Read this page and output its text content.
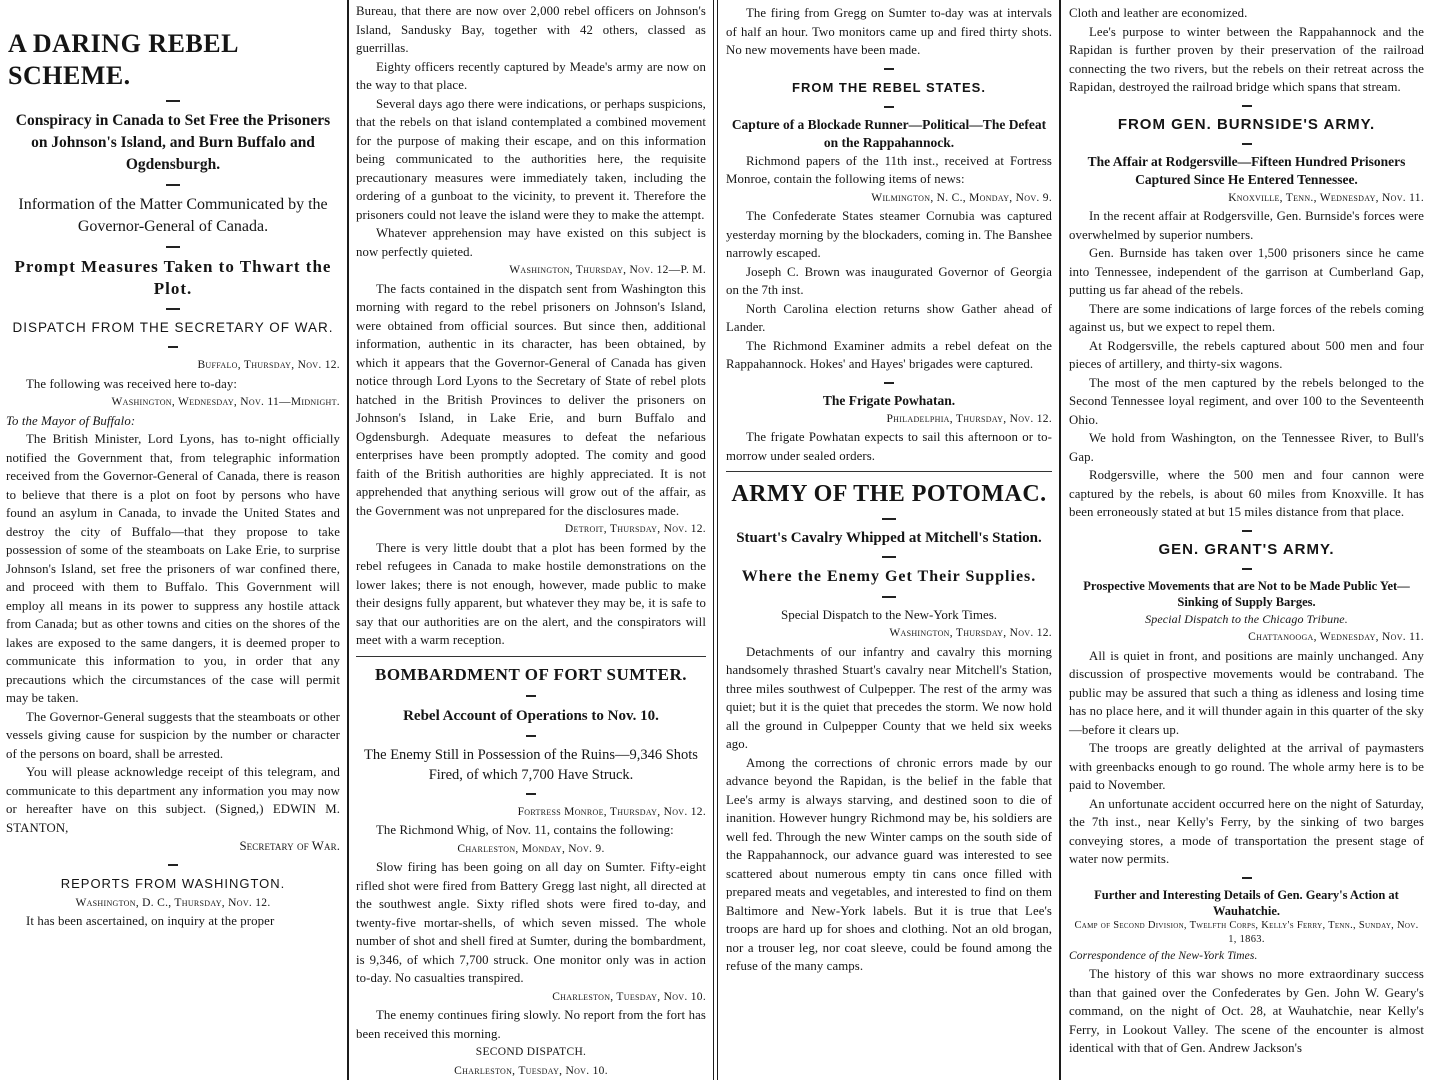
A DARING REBEL SCHEME.

Conspiracy in Canada to Set Free the Prisoners on Johnson's Island, and Burn Buffalo and Ogdensburgh.

Information of the Matter Communicated by the Governor-General of Canada.

Prompt Measures Taken to Thwart the Plot.

DISPATCH FROM THE SECRETARY OF WAR.

Buffalo, Thursday, Nov. 12.

The following was received here to-day:

Washington, Wednesday, Nov. 11—Midnight.

To the Mayor of Buffalo:

The British Minister, Lord Lyons, has to-night officially notified the Government that, from telegraphic information received from the Governor-General of Canada, there is reason to believe that there is a plot on foot by persons who have found an asylum in Canada, to invade the United States and destroy the city of Buffalo—that they propose to take possession of some of the steamboats on Lake Erie, to surprise Johnson's Island, set free the prisoners of war confined there, and proceed with them to Buffalo. This Government will employ all means in its power to suppress any hostile attack from Canada; but as other towns and cities on the shores of the lakes are exposed to the same dangers, it is deemed proper to communicate this information to you, in order that any precautions which the circumstances of the case will permit may be taken.

The Governor-General suggests that the steamboats or other vessels giving cause for suspicion by the number or character of the persons on board, shall be arrested.

You will please acknowledge receipt of this telegram, and communicate to this department any information you may now or hereafter have on this subject. (Signed,) EDWIN M. STANTON,

Secretary of War.

REPORTS FROM WASHINGTON.

Washington, D. C., Thursday, Nov. 12.

It has been ascertained, on inquiry at the proper

Bureau, that there are now over 2,000 rebel officers on Johnson's Island, Sandusky Bay, together with 42 others, classed as guerrillas.

Eighty officers recently captured by Meade's army are now on the way to that place.

Several days ago there were indications, or perhaps suspicions, that the rebels on that island contemplated a combined movement for the purpose of making their escape, and on this information being communicated to the authorities here, the requisite precautionary measures were immediately taken, including the ordering of a gunboat to the vicinity, to prevent it. Therefore the prisoners could not leave the island were they to make the attempt.

Whatever apprehension may have existed on this subject is now perfectly quieted.

Washington, Thursday, Nov. 12—P. M.

The facts contained in the dispatch sent from Washington this morning with regard to the rebel prisoners on Johnson's Island, were obtained from official sources. But since then, additional information, authentic in its character, has been obtained, by which it appears that the Governor-General of Canada has given notice through Lord Lyons to the Secretary of State of rebel plots hatched in the British Provinces to deliver the prisoners on Johnson's Island, in Lake Erie, and burn Buffalo and Ogdensburgh. Adequate measures to defeat the nefarious enterprises have been promptly adopted. The comity and good faith of the British authorities are highly appreciated. It is not apprehended that anything serious will grow out of the affair, as the Government was not unprepared for the disclosures made.

Detroit, Thursday, Nov. 12.

There is very little doubt that a plot has been formed by the rebel refugees in Canada to make hostile demonstrations on the lower lakes; there is not enough, however, made public to make their designs fully apparent, but whatever they may be, it is safe to say that our authorities are on the alert, and the conspirators will meet with a warm reception.

BOMBARDMENT OF FORT SUMTER.

Rebel Account of Operations to Nov. 10.

The Enemy Still in Possession of the Ruins—9,346 Shots Fired, of which 7,700 Have Struck.

Fortress Monroe, Thursday, Nov. 12.

The Richmond Whig, of Nov. 11, contains the following:

Charleston, Monday, Nov. 9.

Slow firing has been going on all day on Sumter. Fifty-eight rifled shot were fired from Battery Gregg last night, all directed at the southwest angle. Sixty rifled shots were fired to-day, and twenty-five mortar-shells, of which seven missed. The whole number of shot and shell fired at Sumter, during the bombardment, is 9,346, of which 7,700 struck. One monitor only was in action to-day. No casualties transpired.

Charleston, Tuesday, Nov. 10.

The enemy continues firing slowly. No report from the fort has been received this morning.

SECOND DISPATCH.

Charleston, Tuesday, Nov. 10.

The firing from Gregg on Sumter to-day was at intervals of half an hour. Two monitors came up and fired thirty shots. No new movements have been made.

FROM THE REBEL STATES.

Capture of a Blockade Runner—Political—The Defeat on the Rappahannock.

Richmond papers of the 11th inst., received at Fortress Monroe, contain the following items of news:

Wilmington, N. C., Monday, Nov. 9.

The Confederate States steamer Cornubia was captured yesterday morning by the blockaders, coming in. The Banshee narrowly escaped.

Joseph C. Brown was inaugurated Governor of Georgia on the 7th inst.

North Carolina election returns show Gather ahead of Lander.

The Richmond Examiner admits a rebel defeat on the Rappahannock. Hokes' and Hayes' brigades were captured.

The Frigate Powhatan.

Philadelphia, Thursday, Nov. 12.

The frigate Powhatan expects to sail this afternoon or to-morrow under sealed orders.

ARMY OF THE POTOMAC.

Stuart's Cavalry Whipped at Mitchell's Station.

Where the Enemy Get Their Supplies.

Special Dispatch to the New-York Times.

Washington, Thursday, Nov. 12.

Detachments of our infantry and cavalry this morning handsomely thrashed Stuart's cavalry near Mitchell's Station, three miles southwest of Culpepper. The rest of the army was quiet; but it is the quiet that precedes the storm. We now hold all the ground in Culpepper County that we held six weeks ago.

Among the corrections of chronic errors made by our advance beyond the Rapidan, is the belief in the fable that Lee's army is always starving, and destined soon to die of inanition. However hungry Richmond may be, his soldiers are well fed. Through the new Winter camps on the south side of the Rappahannock, our advance guard was interested to see scattered about numerous empty tin cans once filled with prepared meats and vegetables, and interested to find on them Baltimore and New-York labels. But it is true that Lee's troops are hard up for shoes and clothing. Not an old brogan, nor a trouser leg, nor coat sleeve, could be found among the refuse of the many camps.

Cloth and leather are economized.

Lee's purpose to winter between the Rappahannock and the Rapidan is further proven by their preservation of the railroad connecting the two rivers, but the rebels on their retreat across the Rapidan, destroyed the railroad bridge which spans that stream.

FROM GEN. BURNSIDE'S ARMY.

The Affair at Rodgersville—Fifteen Hundred Prisoners Captured Since He Entered Tennessee.

Knoxville, Tenn., Wednesday, Nov. 11.

In the recent affair at Rodgersville, Gen. Burnside's forces were overwhelmed by superior numbers.

Gen. Burnside has taken over 1,500 prisoners since he came into Tennessee, independent of the garrison at Cumberland Gap, putting us far ahead of the rebels.

There are some indications of large forces of the rebels coming against us, but we expect to repel them.

At Rodgersville, the rebels captured about 500 men and four pieces of artillery, and thirty-six wagons.

The most of the men captured by the rebels belonged to the Second Tennessee loyal regiment, and over 100 to the Seventeenth Ohio.

We hold from Washington, on the Tennessee River, to Bull's Gap.

Rodgersville, where the 500 men and four cannon were captured by the rebels, is about 60 miles from Knoxville. It has been erroneously stated at but 15 miles distance from that place.

GEN. GRANT'S ARMY.

Prospective Movements that are Not to be Made Public Yet—Sinking of Supply Barges.

Special Dispatch to the Chicago Tribune.

Chattanooga, Wednesday, Nov. 11.

All is quiet in front, and positions are mainly unchanged. Any discussion of prospective movements would be contraband. The public may be assured that such a thing as idleness and losing time has no place here, and it will thunder again in this quarter of the sky—before it clears up.

The troops are greatly delighted at the arrival of paymasters with greenbacks enough to go round. The whole army here is to be paid to November.

An unfortunate accident occurred here on the night of Saturday, the 7th inst., near Kelly's Ferry, by the sinking of two barges conveying stores, a mode of transportation the present stage of water now permits.

Further and Interesting Details of Gen. Geary's Action at Wauhatchie.

Camp of Second Division, Twelfth Corps, Kelly's Ferry, Tenn., Sunday, Nov. 1, 1863.

Correspondence of the New-York Times.

The history of this war shows no more extraordinary success than that gained over the Confederates by Gen. John W. Geary's command, on the night of Oct. 28, at Wauhatchie, near Kelly's Ferry, in Lookout Valley. The scene of the encounter is almost identical with that of Gen. Andrew Jackson's
